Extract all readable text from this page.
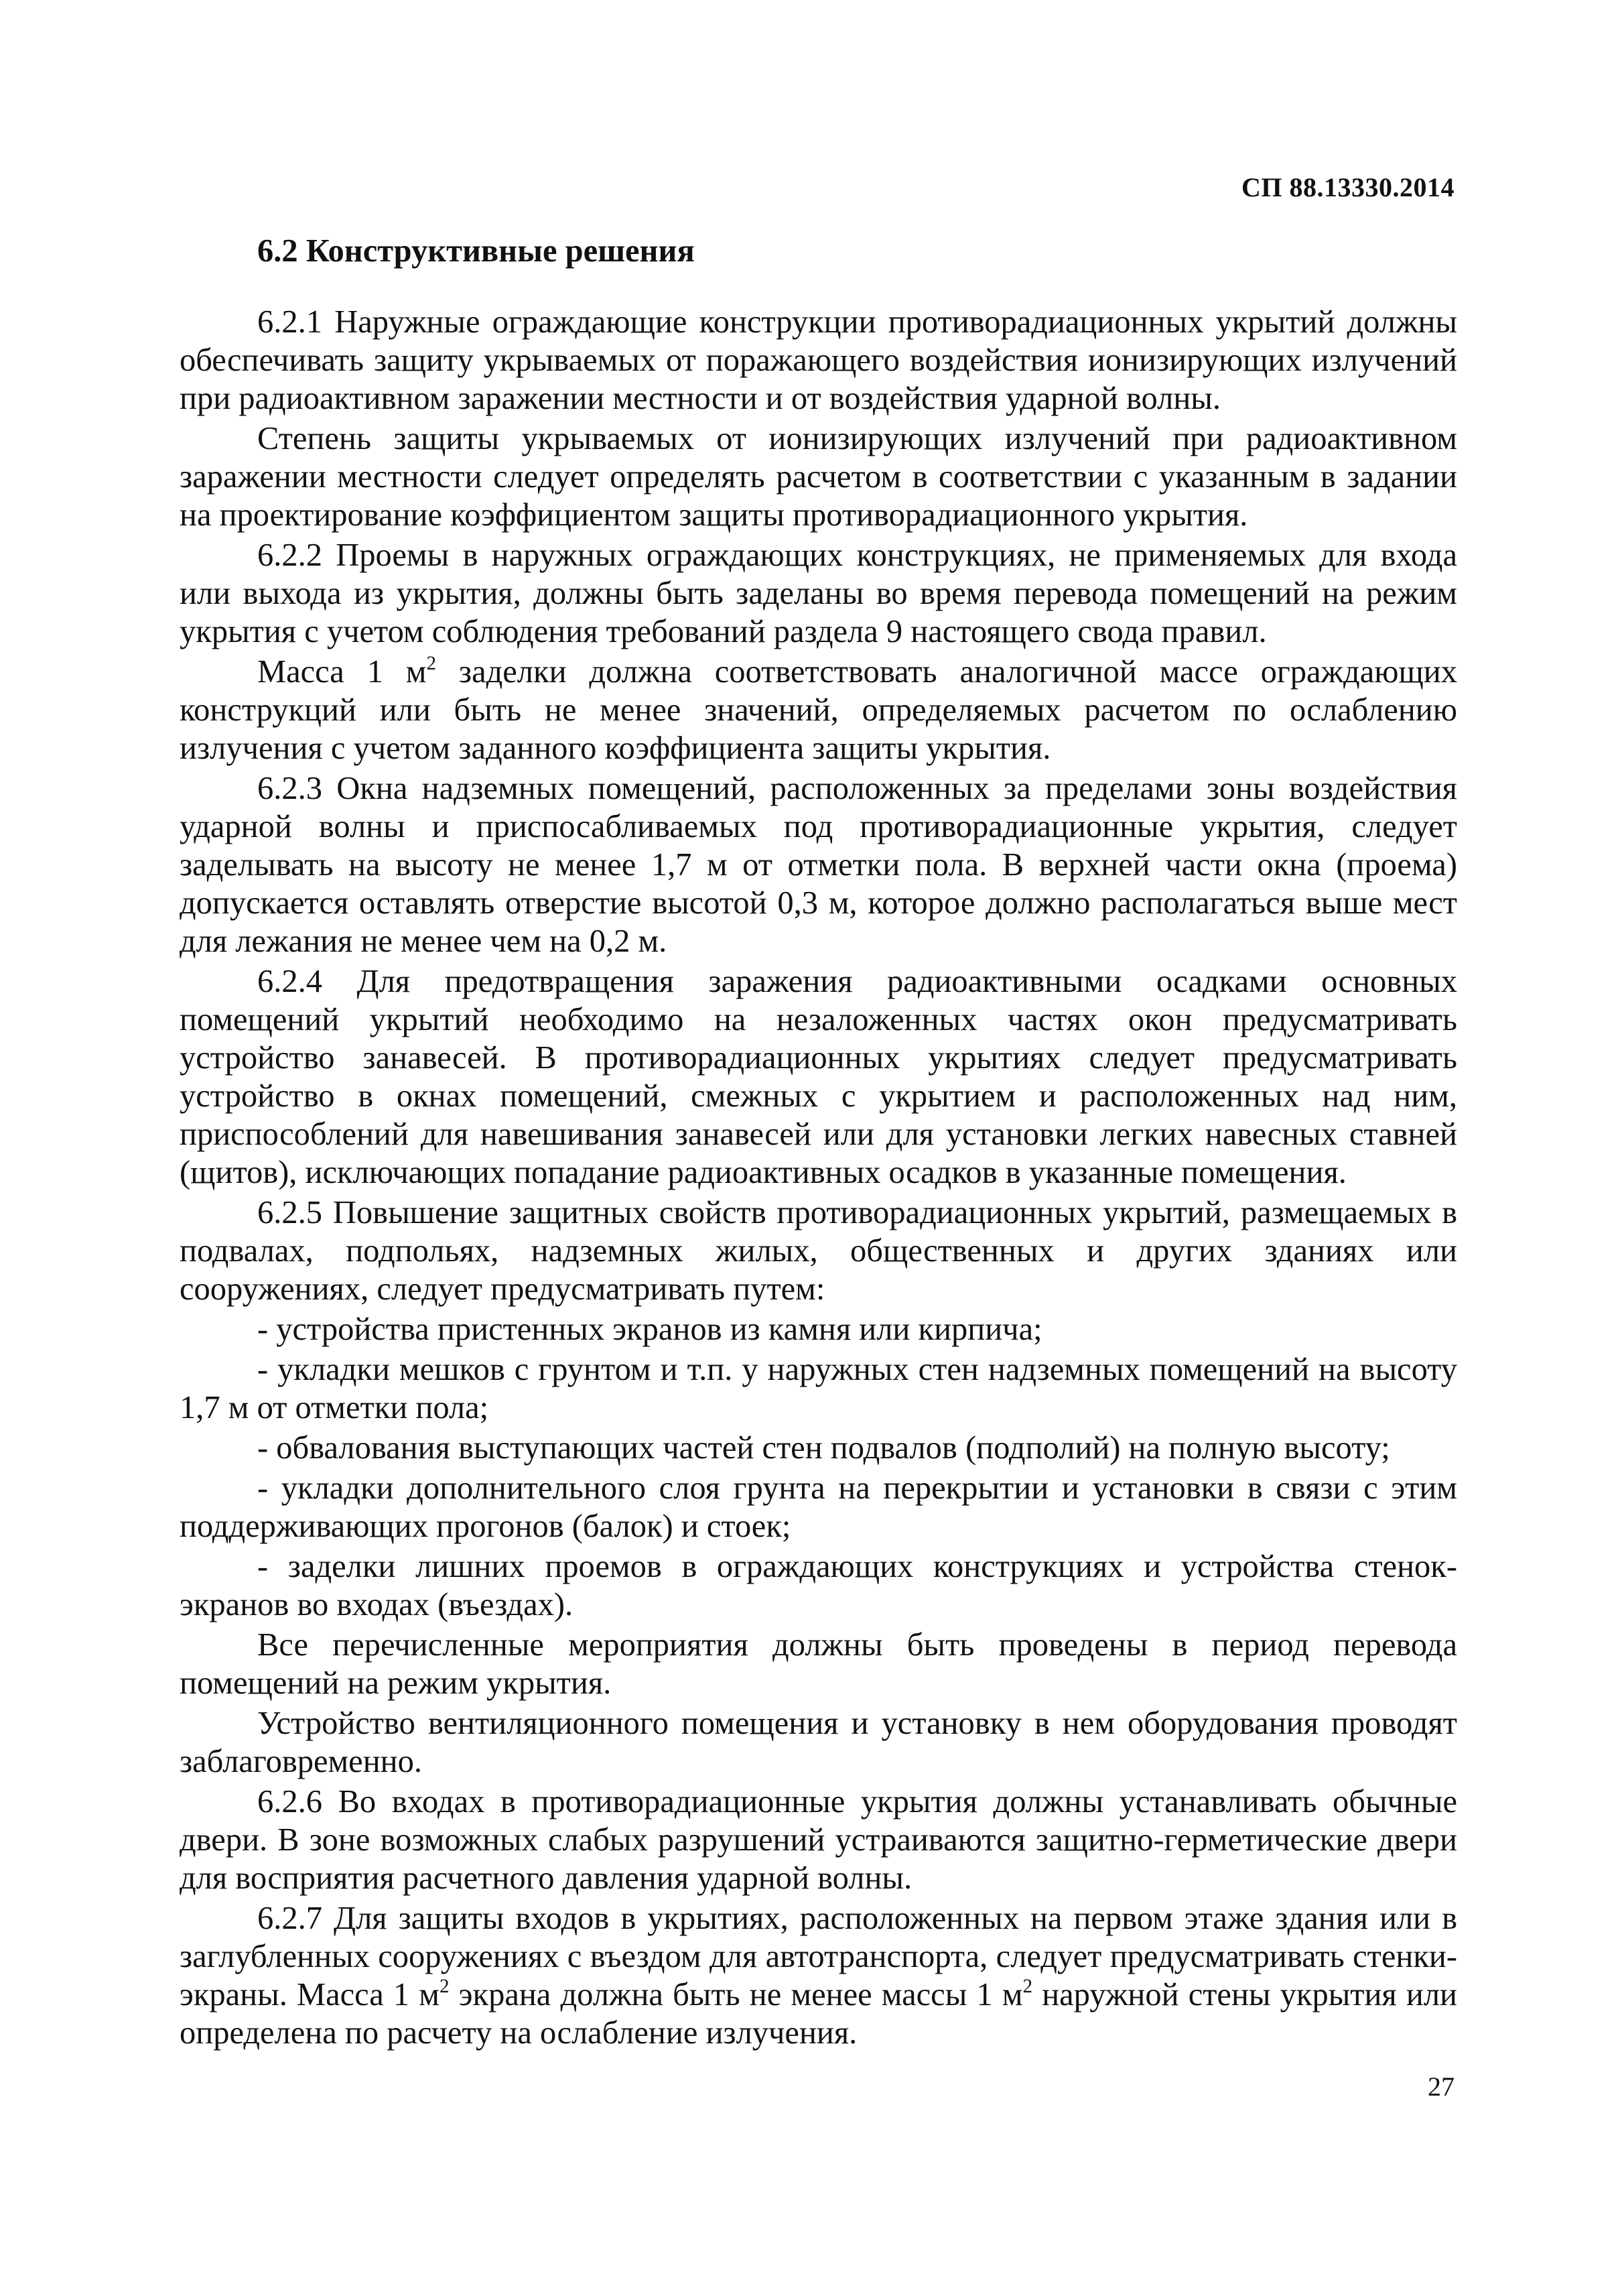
СП 88.13330.2014
6.2 Конструктивные решения

6.2.1 Наружные ограждающие конструкции противорадиационных укрытий должны обеспечивать защиту укрываемых от поражающего воздействия ионизирующих излучений при радиоактивном заражении местности и от воздействия ударной волны.

Степень защиты укрываемых от ионизирующих излучений при радиоактивном заражении местности следует определять расчетом в соответствии с указанным в задании на проектирование коэффициентом защиты противорадиационного укрытия.

6.2.2 Проемы в наружных ограждающих конструкциях, не применяемых для входа или выхода из укрытия, должны быть заделаны во время перевода помещений на режим укрытия с учетом соблюдения требований раздела 9 настоящего свода правил.

Масса 1 $м^2$ заделки должна соответствовать аналогичной массе ограждающих конструкций или быть не менее значений, определяемых расчетом по ослаблению излучения с учетом заданного коэффициента защиты укрытия.

6.2.3 Окна надземных помещений, расположенных за пределами зоны воздействия ударной волны и приспосабливаемых под противорадиационные укрытия, следует заделывать на высоту не менее 1,7 м от отметки пола. В верхней части окна (проема) допускается оставлять отверстие высотой 0,3 м, которое должно располагаться выше мест для лежания не менее чем на 0,2 м.

6.2.4 Для предотвращения заражения радиоактивными осадками основных помещений укрытий необходимо на незаложенных частях окон предусматривать устройство занавесей. В противорадиационных укрытиях следует предусматривать устройство в окнах помещений, смежных с укрытием и расположенных над ним, приспособлений для навешивания занавесей или для установки легких навесных ставней (щитов), исключающих попадание радиоактивных осадков в указанные помещения.

6.2.5 Повышение защитных свойств противорадиационных укрытий, размещаемых в подвалах, подпольях, надземных жилых, общественных и других зданиях или сооружениях, следует предусматривать путем:

- устройства пристенных экранов из камня или кирпича;

- укладки мешков с грунтом и т.п. у наружных стен надземных помещений на высоту 1,7 м от отметки пола;

- обвалования выступающих частей стен подвалов (подполий) на полную высоту;

- укладки дополнительного слоя грунта на перекрытии и установки в связи с этим поддерживающих прогонов (балок) и стоек;

- заделки лишних проемов в ограждающих конструкциях и устройства стенок-экранов во входах (въездах).

Все перечисленные мероприятия должны быть проведены в период перевода помещений на режим укрытия.

Устройство вентиляционного помещения и установку в нем оборудования проводят заблаговременно.

6.2.6 Во входах в противорадиационные укрытия должны устанавливать обычные двери. В зоне возможных слабых разрушений устраиваются защитно-герметические двери для восприятия расчетного давления ударной волны.

6.2.7 Для защиты входов в укрытиях, расположенных на первом этаже здания или в заглубленных сооружениях с въездом для автотранспорта, следует предусматривать стенки-экраны. Масса 1 $м^2$ экрана должна быть не менее массы 1 $м^2$ наружной стены укрытия или определена по расчету на ослабление излучения.

27
